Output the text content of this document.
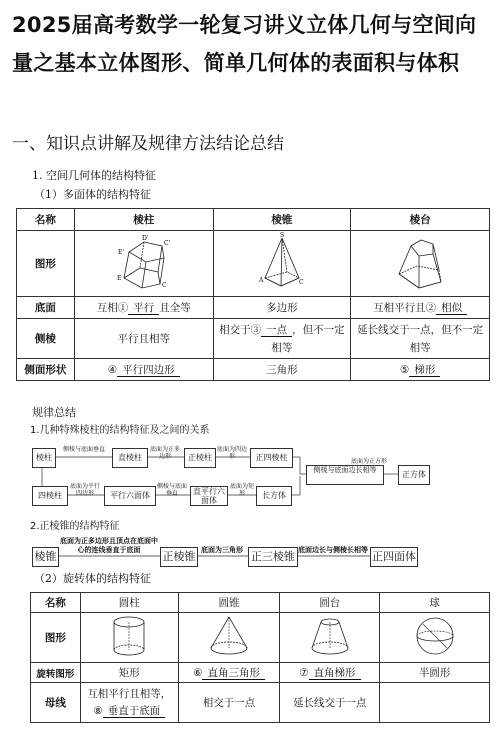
2025届高考数学一轮复习讲义立体几何与空间向量之基本立体图形、简单几何体的表面积与体积
一、知识点讲解及规律方法结论总结
1. 空间几何体的结构特征
（1）多面体的结构特征
名称	棱柱	棱锥	棱台
图形	E'
D'
C'
E
C	S
A C

底面	互相① 平行 且全等	多边形	互相平行且② 相似
侧棱	平行且相等	相交于③ 一点 ，但不一定相等	延长线交于一点，但不一定相等
侧面形状	④ 平行四边形	三角形	⑤ 梯形
规律总结
1.几种特殊棱柱的结构特征及之间的关系
棱柱	直棱柱	正棱柱	正四棱柱
侧棱与底面边长相等	正方体
四棱柱	平行六面体	直平行六面体
长方体
侧棱与底面垂直	底面为正多边形
底面为四边形
底面为平行四边形
侧棱与底面垂直
底面为矩形
底面为正方形
2.正棱锥的结构特征
棱锥	正棱锥	正三棱锥	正四面体
底面为正多边形且顶点在底面中心的连线垂直于底面	底面为三角形	底面边长与侧棱长相等
（2）旋转体的结构特征
名称	圆柱	圆锥	圆台	球
图形				
旋转图形	矩形	⑥ 直角三角形	⑦ 直角梯形	半圆形
母线	互相平行且相等，
⑧ 垂直于底面	相交于一点	延长线交于一点	
